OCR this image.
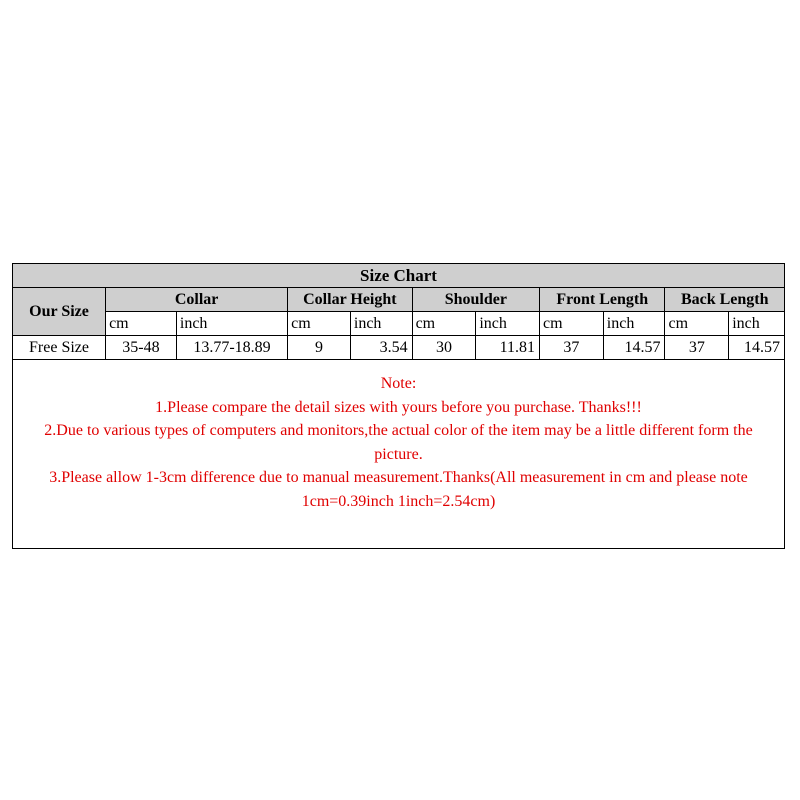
Size Chart										
Our Size	Collar		Collar Height		Shoulder		Front Length		Back Length	
	cm	inch	cm	inch	cm	inch	cm	inch	cm	inch
Free Size	35-48	13.77-18.89	9	3.54	30	11.81	37	14.57	37	14.57

Note:

1.Please compare the detail sizes with yours before you purchase. Thanks!!!

2.Due to various types of computers and monitors,the actual color of the item may be a little different form the picture.

3.Please allow 1-3cm difference due to manual measurement.Thanks(All measurement in cm and please note 1cm=0.39inch 1inch=2.54cm)
